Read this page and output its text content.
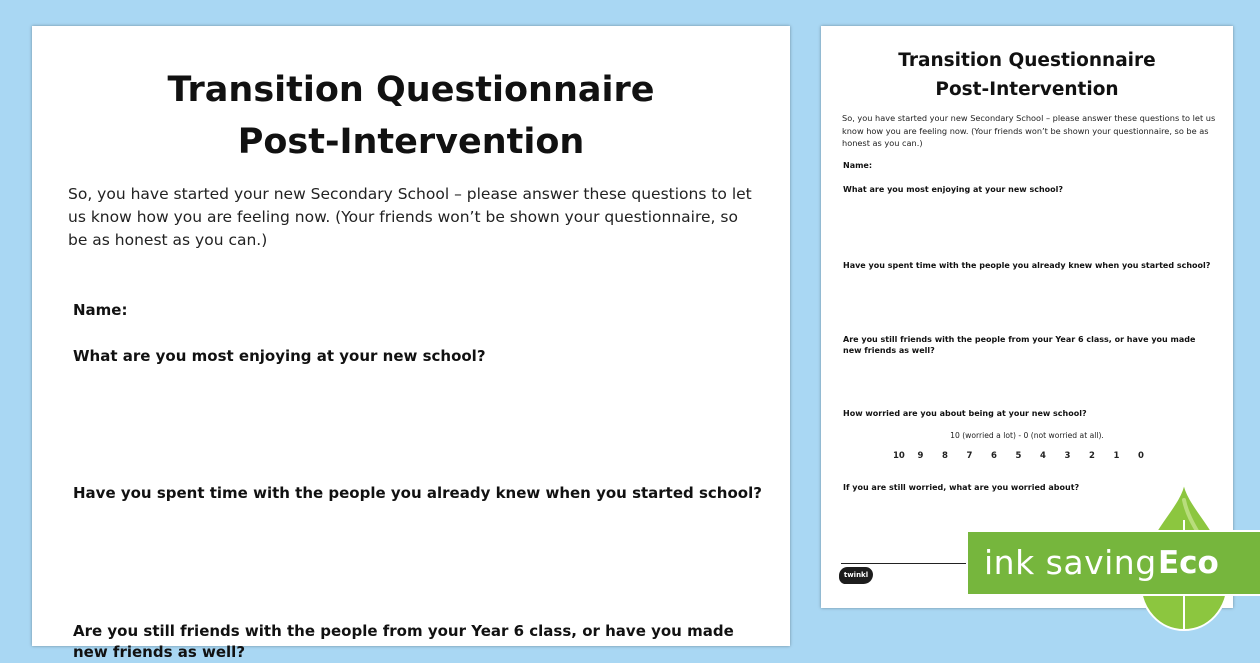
Transition Questionnaire
Post-Intervention
So, you have started your new Secondary School – please answer these questions to let us know how you are feeling now. (Your friends won’t be shown your questionnaire, so be as honest as you can.)
Name:
What are you most enjoying at your new school?
Have you spent time with the people you already knew when you started school?
Are you still friends with the people from your Year 6 class, or have you made new friends as well?
Transition Questionnaire
Post-Intervention
So, you have started your new Secondary School – please answer these questions to let us know how you are feeling now. (Your friends won’t be shown your questionnaire, so be as honest as you can.)
Name:
What are you most enjoying at your new school?
Have you spent time with the people you already knew when you started school?
Are you still friends with the people from your Year 6 class, or have you made new friends as well?
How worried are you about being at your new school?
10 (worried a lot) - 0 (not worried at all).
10	9	8	7	6	5	4	3	2	1	0
If you are still worried, what are you worried about?
twinkl	ink saving Eco
